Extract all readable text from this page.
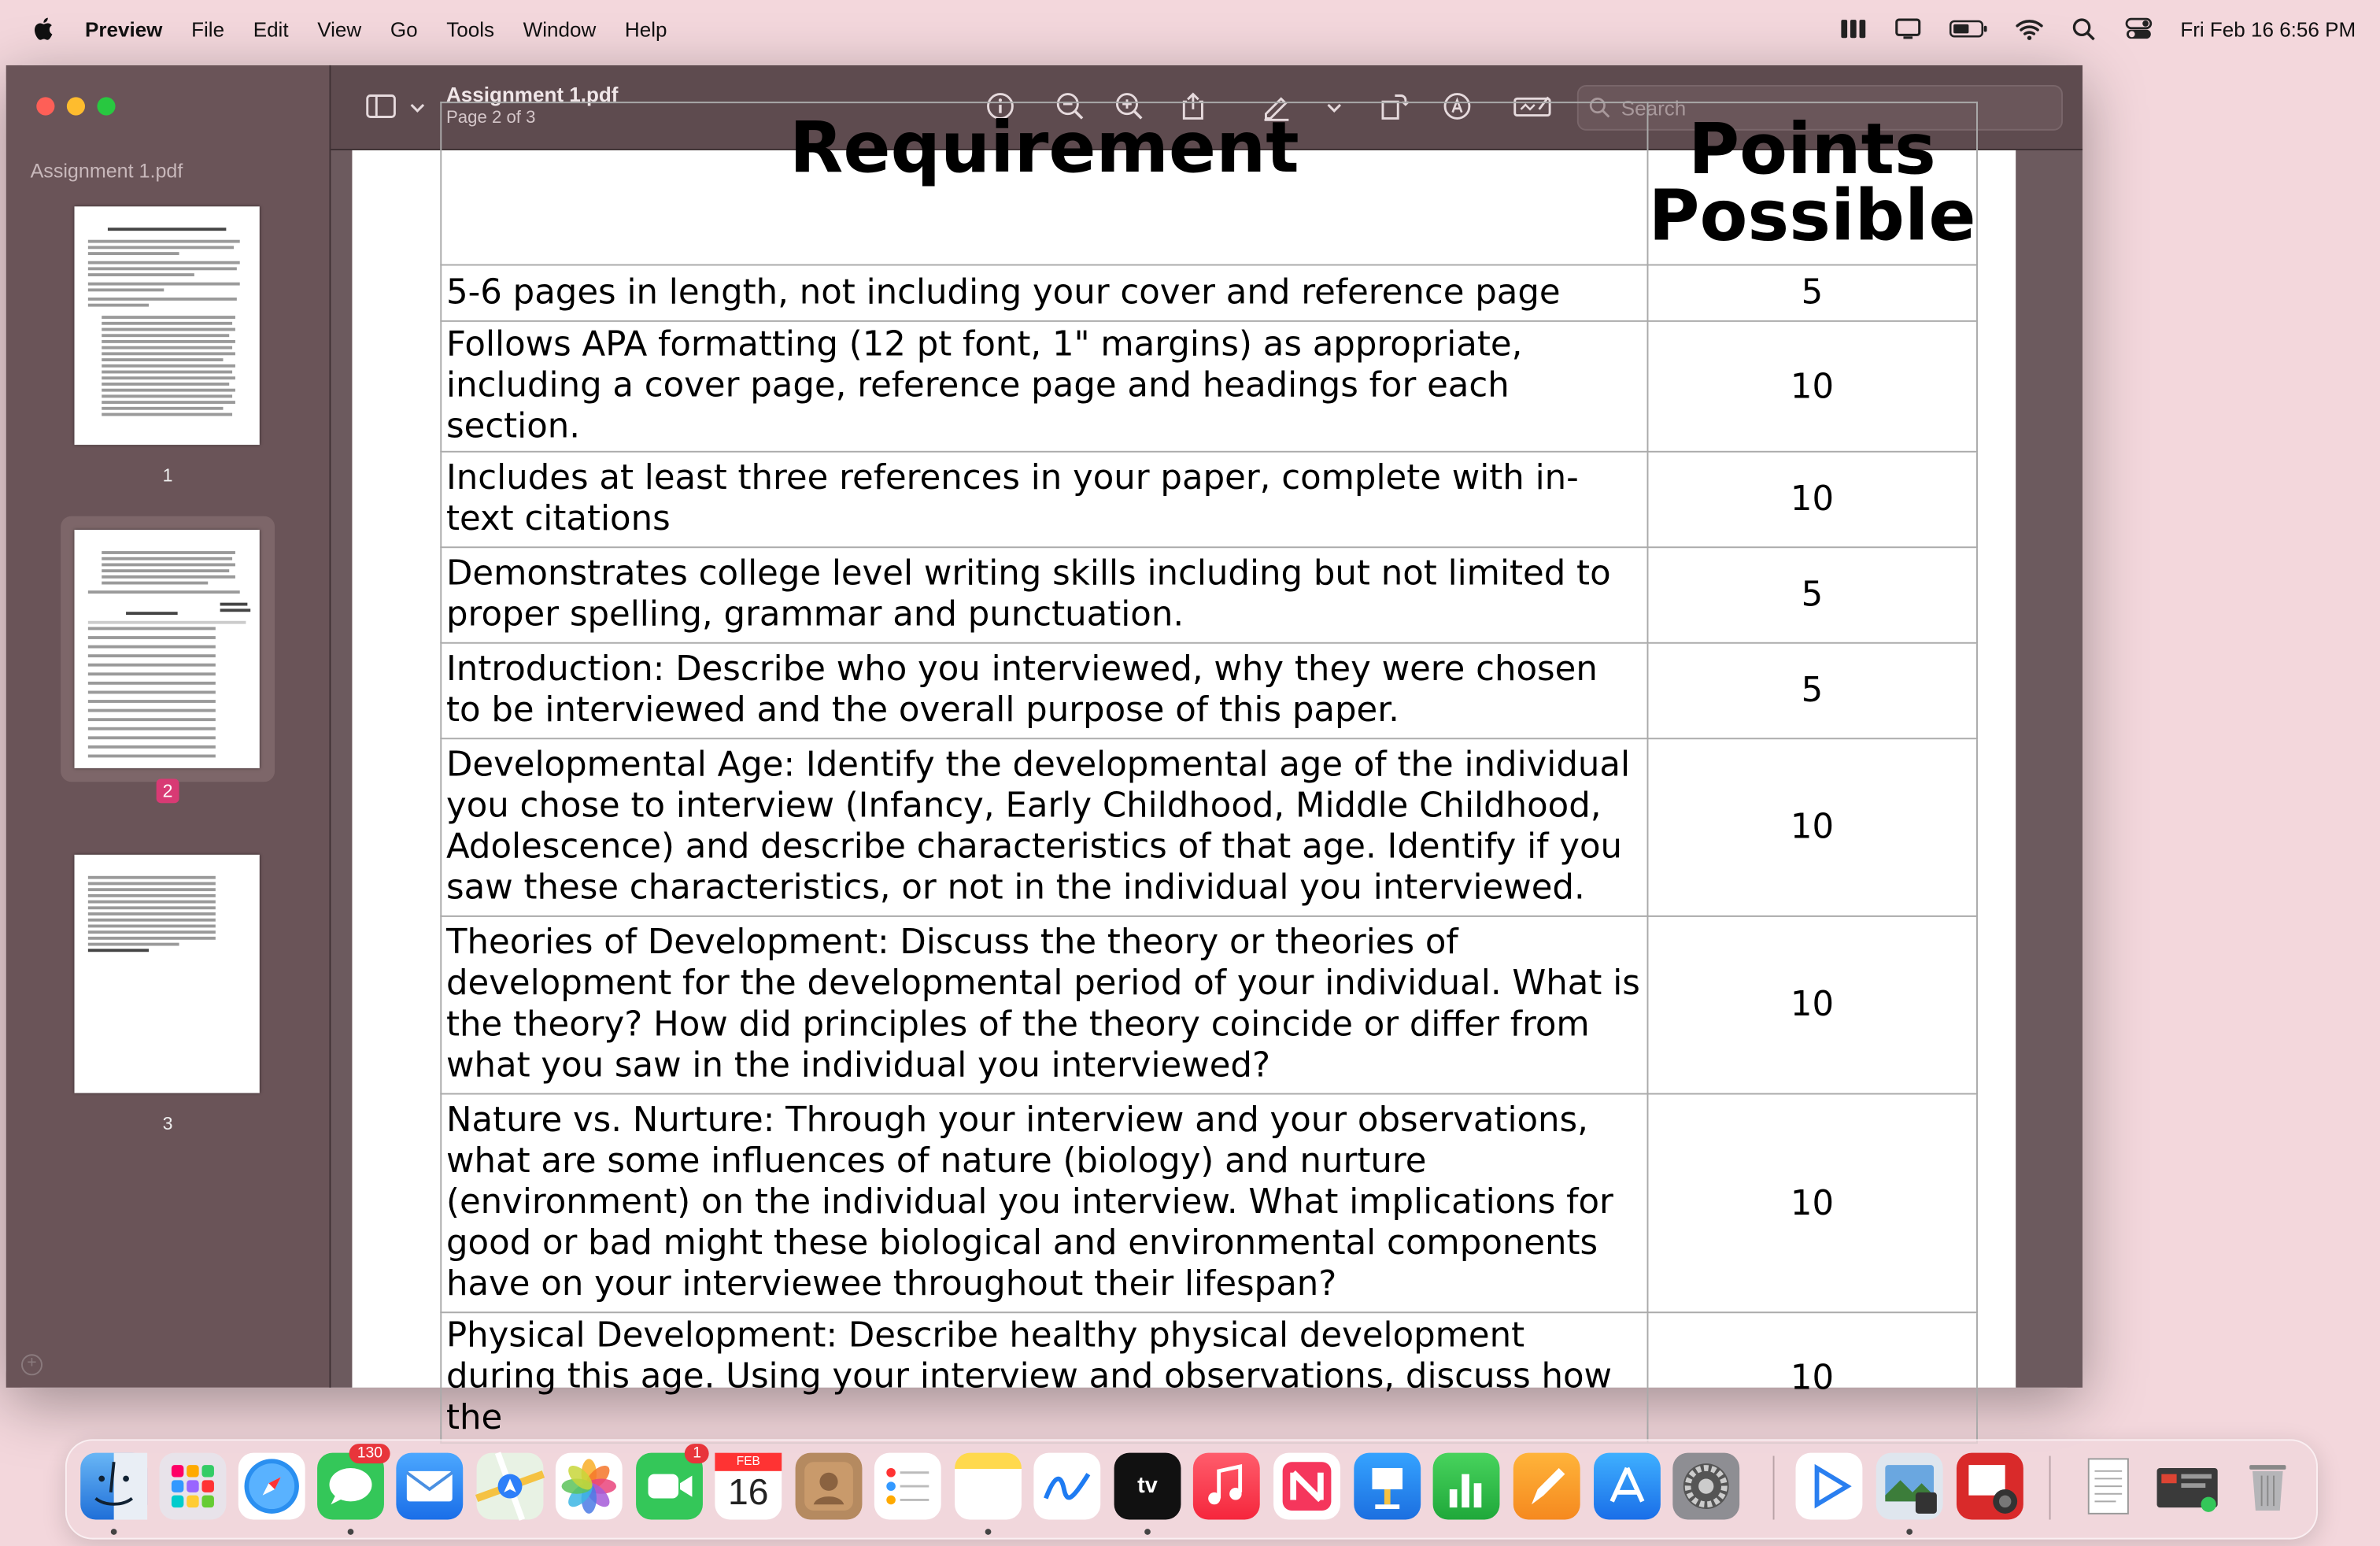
Preview	File	Edit	View	Go	Tools	Window	Help	Fri Feb 16 6:56 PM
Assignment 1.pdf
1
2
3
+
Assignment 1.pdf
Page 2 of 3
Search	Requirement	Points
Possible

5-6 pages in length, not including your cover and reference page	5
Follows APA formatting (12 pt font, 1" margins) as appropriate, including a cover page, reference page and headings for each section.	10
Includes at least three references in your paper, complete with in-text citations	10
Demonstrates college level writing skills including but not limited to proper spelling, grammar and punctuation.	5
Introduction: Describe who you interviewed, why they were chosen to be interviewed and the overall purpose of this paper.	5
Developmental Age: Identify the developmental age of the individual you chose to interview (Infancy, Early Childhood, Middle Childhood, Adolescence) and describe characteristics of that age. Identify if you saw these characteristics, or not in the individual you interviewed.	10
Theories of Development: Discuss the theory or theories of development for the developmental period of your individual. What is the theory? How did principles of the theory coincide or differ from what you saw in the individual you interviewed?	10
Nature vs. Nurture: Through your interview and your observations, what are some influences of nature (biology) and nurture (environment) on the individual you interview. What implications for good or bad might these biological and environmental components have on your interviewee throughout their lifespan?	10
Physical Development: Describe healthy physical development during this age. Using your interview and observations, discuss how the	10
130	1	FEB
16	tv
